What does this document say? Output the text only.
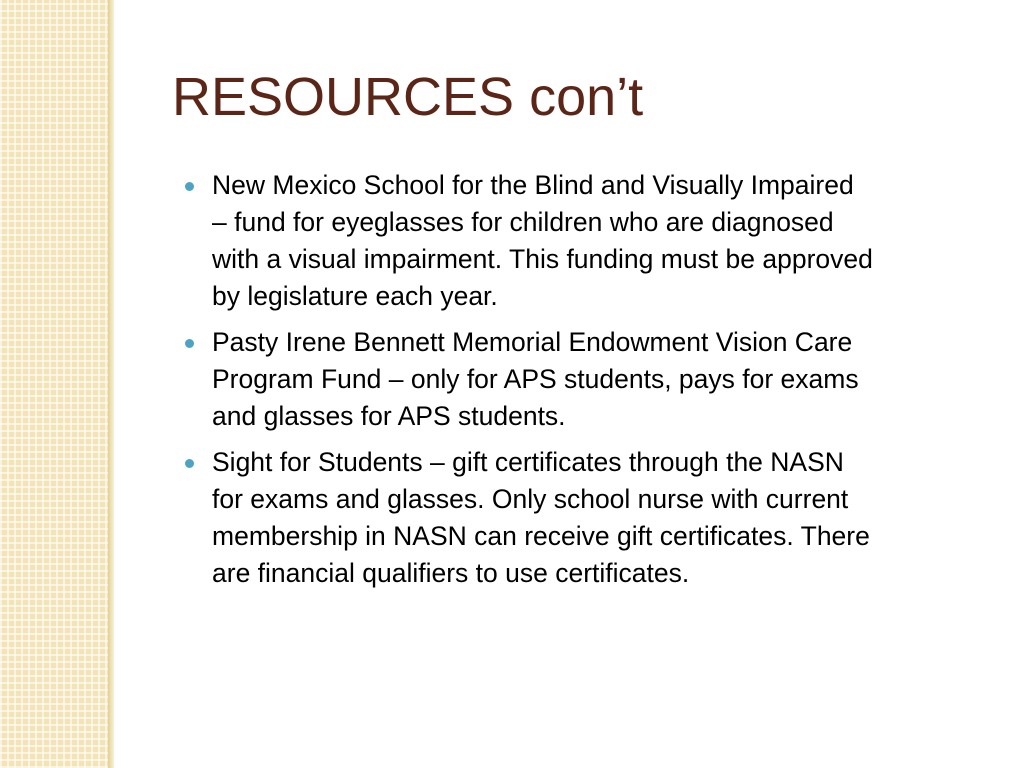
RESOURCES con’t
New Mexico School for the Blind and Visually Impaired
– fund for eyeglasses for children who are diagnosed
with a visual impairment. This funding must be approved
by legislature each year.
Pasty Irene Bennett Memorial Endowment Vision Care
Program Fund – only for APS students, pays for exams
and glasses for APS students.
Sight for Students – gift certificates through the NASN
for exams and glasses. Only school nurse with current
membership in NASN can receive gift certificates. There
are financial qualifiers to use certificates.
